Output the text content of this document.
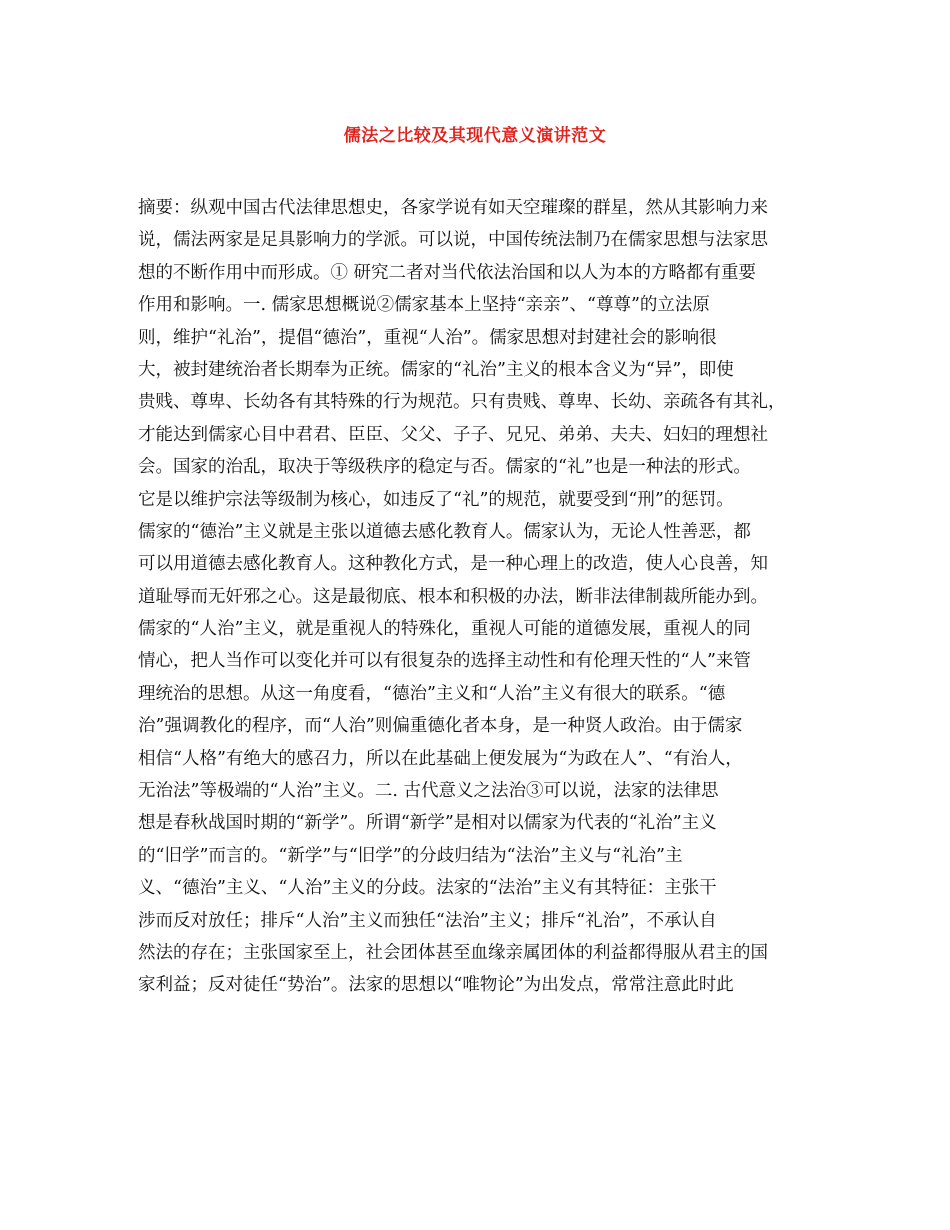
儒法之比较及其现代意义演讲范文
摘要：纵观中国古代法律思想史，各家学说有如天空璀璨的群星，然从其影响力来
说，儒法两家是足具影响力的学派。可以说，中国传统法制乃在儒家思想与法家思
想的不断作用中而形成。① 研究二者对当代依法治国和以人为本的方略都有重要
作用和影响。一. 儒家思想概说②儒家基本上坚持“亲亲”、“尊尊”的立法原
则，维护“礼治”，提倡“德治”，重视“人治”。儒家思想对封建社会的影响很
大，被封建统治者长期奉为正统。儒家的“礼治”主义的根本含义为“异”，即使
贵贱、尊卑、长幼各有其特殊的行为规范。只有贵贱、尊卑、长幼、亲疏各有其礼，
才能达到儒家心目中君君、臣臣、父父、子子、兄兄、弟弟、夫夫、妇妇的理想社
会。国家的治乱，取决于等级秩序的稳定与否。儒家的“礼”也是一种法的形式。
它是以维护宗法等级制为核心，如违反了“礼”的规范，就要受到“刑”的惩罚。
儒家的“德治”主义就是主张以道德去感化教育人。儒家认为，无论人性善恶，都
可以用道德去感化教育人。这种教化方式，是一种心理上的改造，使人心良善，知
道耻辱而无奸邪之心。这是最彻底、根本和积极的办法，断非法律制裁所能办到。
儒家的“人治”主义，就是重视人的特殊化，重视人可能的道德发展，重视人的同
情心，把人当作可以变化并可以有很复杂的选择主动性和有伦理天性的“人”来管
理统治的思想。从这一角度看，“德治”主义和“人治”主义有很大的联系。“德
治”强调教化的程序，而“人治”则偏重德化者本身，是一种贤人政治。由于儒家
相信“人格”有绝大的感召力，所以在此基础上便发展为“为政在人”、“有治人，
无治法”等极端的“人治”主义。二. 古代意义之法治③可以说，法家的法律思
想是春秋战国时期的“新学”。所谓“新学”是相对以儒家为代表的“礼治”主义
的“旧学”而言的。“新学”与“旧学”的分歧归结为“法治”主义与“礼治”主
义、“德治”主义、“人治”主义的分歧。法家的“法治”主义有其特征：主张干
涉而反对放任；排斥“人治”主义而独任“法治”主义；排斥“礼治”，不承认自
然法的存在；主张国家至上，社会团体甚至血缘亲属团体的利益都得服从君主的国
家利益；反对徒任“势治”。法家的思想以“唯物论”为出发点，常常注意此时此
